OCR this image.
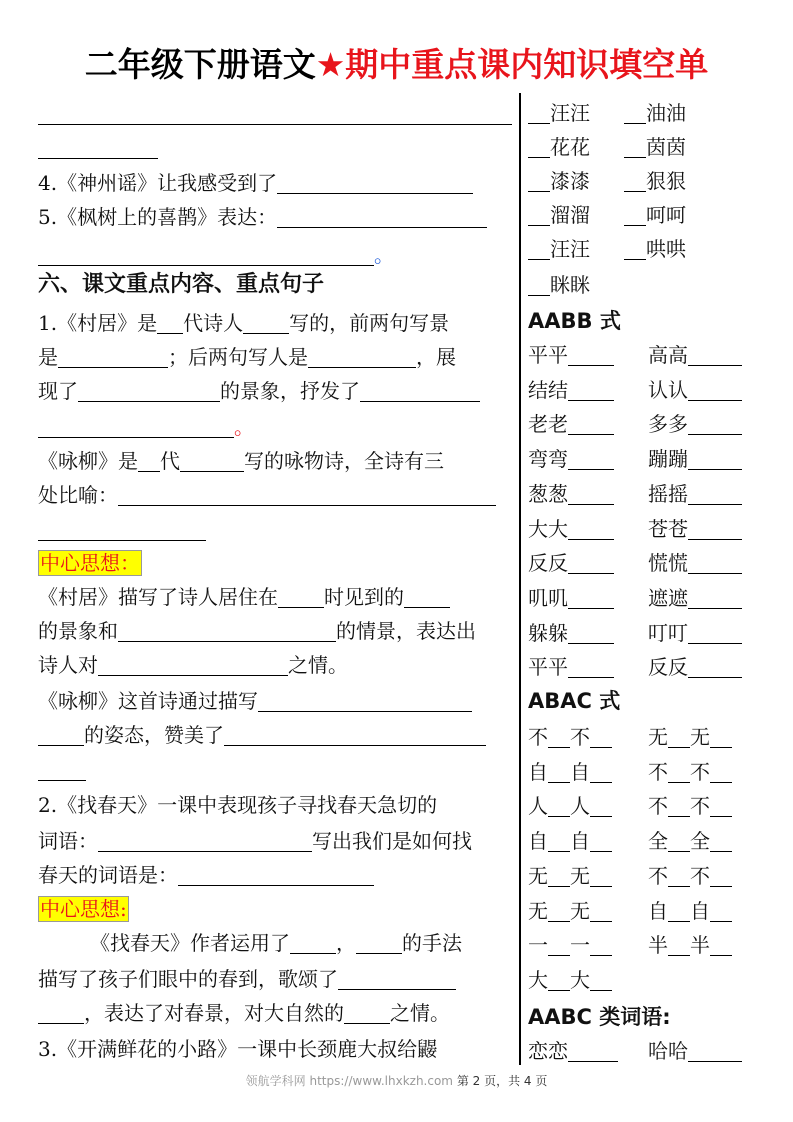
二年级下册语文★期中重点课内知识填空单
4.《神州谣》让我感受到了
5.《枫树上的喜鹊》表达：
。
六、课文重点内容、重点句子
1.《村居》是 代诗人 写的，前两句写景
是	；后两句写人是	，展
现了	的景象，抒发了
。
《咏柳》是 代	写的咏物诗，全诗有三
处比喻：
中心思想：
《村居》描写了诗人居住在 时见到的
的景象和	的情景，表达出
诗人对	之情。
《咏柳》这首诗通过描写
的姿态，赞美了
2.《找春天》一课中表现孩子寻找春天急切的
词语：	写出我们是如何找
春天的词语是：
中心思想:
《找春天》作者运用了 ， 的手法
描写了孩子们眼中的春到，歌颂了
，表达了对春景，对大自然的 之情。
3.《开满鲜花的小路》一课中长颈鹿大叔给鼹
汪汪	油油
花花	茵茵
漆漆	狠狠
溜溜	呵呵
汪汪	哄哄
眯眯
AABB 式
平平	高高
结结	认认
老老	多多
弯弯	蹦蹦
葱葱	摇摇
大大	苍苍
反反	慌慌
叽叽	遮遮
躲躲	叮叮
平平	反反
ABAC 式
不 不	无 无
自 自	不 不
人 人	不 不
自 自	全 全
无 无	不 不
无 无	自 自
一 一	半 半
大 大
AABC 类词语:
恋恋	哈哈
领航学科网 https://www.lhxkzh.com 第 2 页，共 4 页
